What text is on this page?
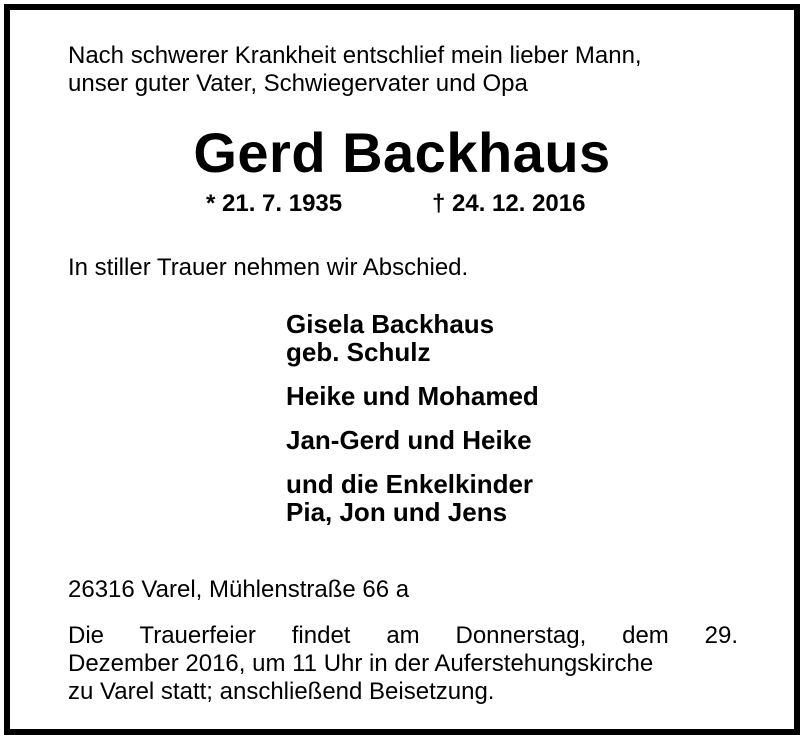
Nach schwerer Krankheit entschlief mein lieber Mann,
unser guter Vater, Schwiegervater und Opa
Gerd Backhaus
* 21. 7. 1935	† 24. 12. 2016
In stiller Trauer nehmen wir Abschied.
Gisela Backhaus
geb. Schulz
Heike und Mohamed
Jan-Gerd und Heike
und die Enkelkinder
Pia, Jon und Jens
26316 Varel, Mühlenstraße 66 a
Die Trauerfeier findet am Donnerstag, dem 29.
Dezember 2016, um 11 Uhr in der Auferstehungskirche
zu Varel statt; anschließend Beisetzung.
